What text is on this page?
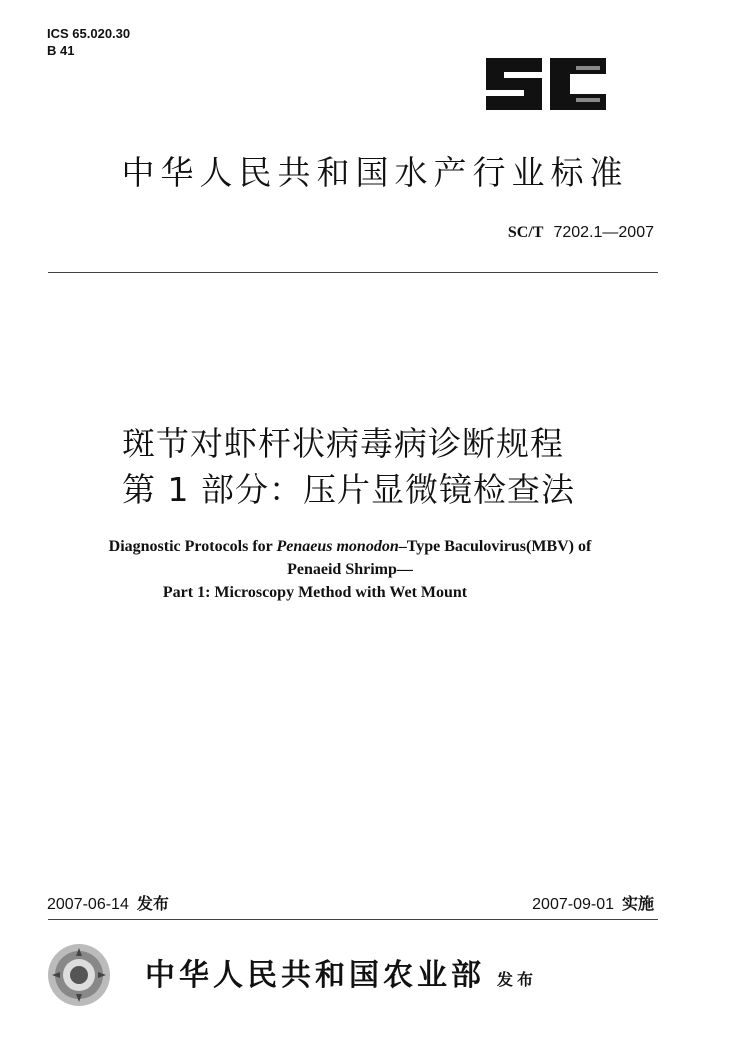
ICS 65.020.30
B 41
中华人民共和国水产行业标准
SC/T 7202.1—2007
斑节对虾杆状病毒病诊断规程
第 1 部分：压片显微镜检查法
Diagnostic Protocols for Penaeus monodon–Type Baculovirus(MBV) of
Penaeid Shrimp—
Part 1: Microscopy Method with Wet Mount
2007-06-14 发布	2007-09-01 实施
中华人民共和国农业部 发布
